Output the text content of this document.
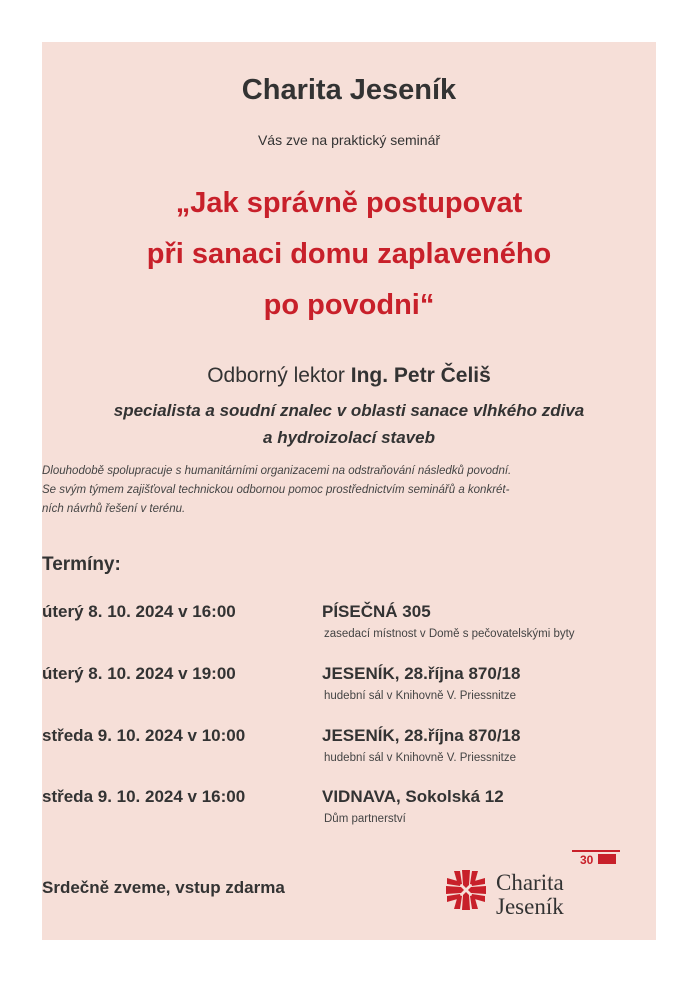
Charita Jeseník
Vás zve na praktický seminář
„Jak správně postupovat
při sanaci domu zaplaveného
po povodni“
Odborný lektor Ing. Petr Čeliš
specialista a soudní znalec v oblasti sanace vlhkého zdiva
a hydroizolací staveb
Dlouhodobě spolupracuje s humanitárními organizacemi na odstraňování následků povodní.
Se svým týmem zajišťoval technickou odbornou pomoc prostřednictvím seminářů a konkrét-
ních návrhů řešení v terénu.
Termíny:
úterý 8. 10. 2024 v 16:00	PÍSEČNÁ 305
zasedací místnost v Domě s pečovatelskými byty
úterý 8. 10. 2024 v 19:00	JESENÍK, 28.října 870/18
hudební sál v Knihovně V. Priessnitze
středa 9. 10. 2024 v 10:00	JESENÍK, 28.října 870/18
hudební sál v Knihovně V. Priessnitze
středa 9. 10. 2024 v 16:00	VIDNAVA, Sokolská 12
Dům partnerství
Srdečně zveme, vstup zdarma	Charita
Jeseník
30
